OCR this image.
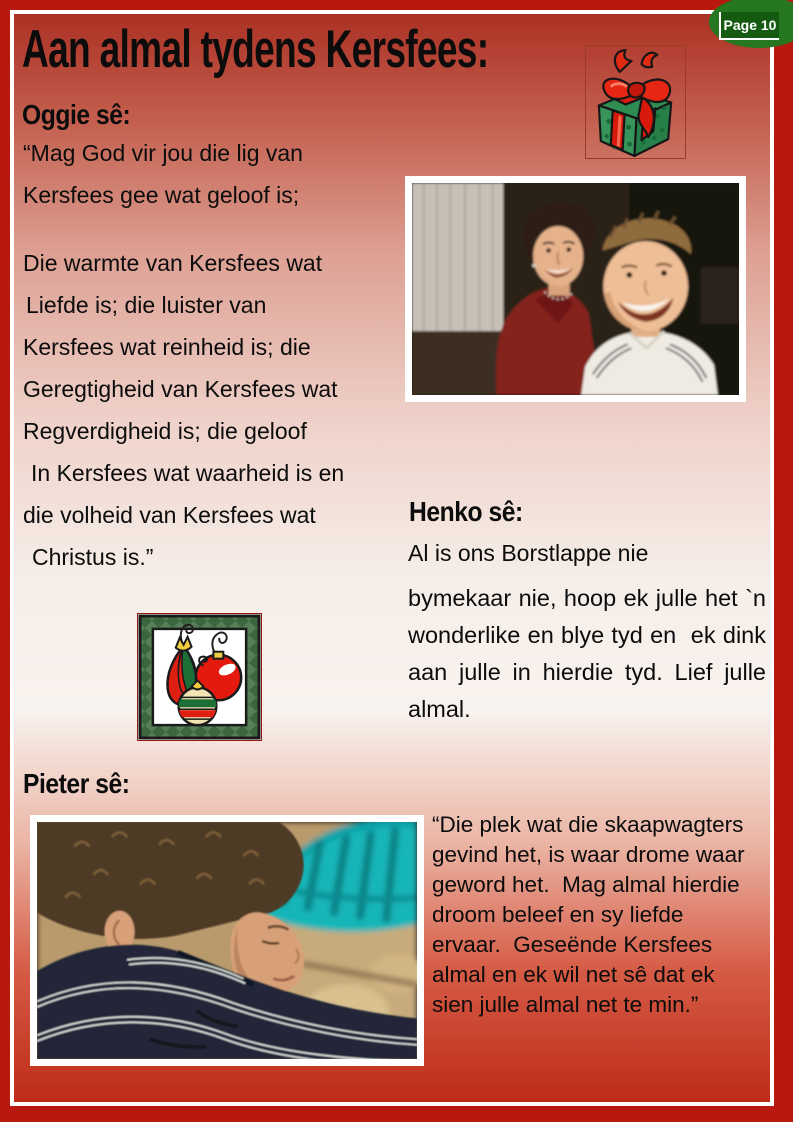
Page 10
Aan almal tydens Kersfees:
Oggie sê:
“Mag God vir jou die lig van
Kersfees gee wat geloof is;
Die warmte van Kersfees wat
Liefde is; die luister van
Kersfees wat reinheid is; die
Geregtigheid van Kersfees wat
Regverdigheid is; die geloof
In Kersfees wat waarheid is en
die volheid van Kersfees wat
Christus is.”
Henko sê:
Al is ons Borstlappe nie
bymekaar nie, hoop ek julle het `n
wonderlike en blye tyd en  ek dink
aan julle in hierdie tyd. Lief julle
almal.
Pieter sê:
“Die plek wat die skaapwagters
gevind het, is waar drome waar
geword het.  Mag almal hierdie
droom beleef en sy liefde
ervaar.  Geseënde Kersfees
almal en ek wil net sê dat ek
sien julle almal net te min.”
